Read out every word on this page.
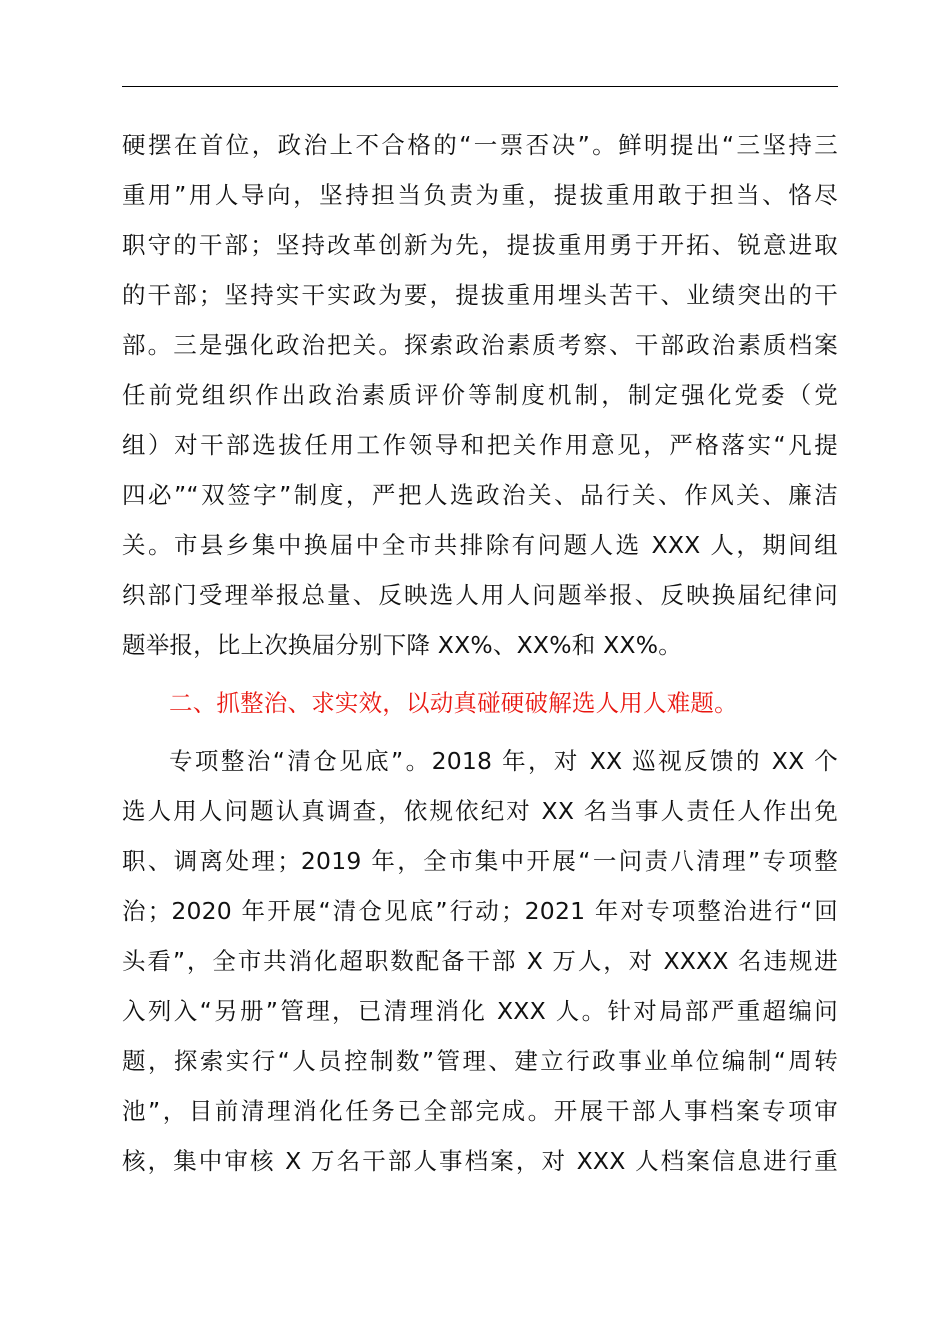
硬摆在首位，政治上不合格的“一票否决”。鲜明提出“三坚持三
重用”用人导向，坚持担当负责为重，提拔重用敢于担当、恪尽
职守的干部；坚持改革创新为先，提拔重用勇于开拓、锐意进取
的干部；坚持实干实政为要，提拔重用埋头苦干、业绩突出的干
部。三是强化政治把关。探索政治素质考察、干部政治素质档案
任前党组织作出政治素质评价等制度机制，制定强化党委（党
组）对干部选拔任用工作领导和把关作用意见，严格落实“凡提
四必”“双签字”制度，严把人选政治关、品行关、作风关、廉洁
关。市县乡集中换届中全市共排除有问题人选 XXX 人，期间组
织部门受理举报总量、反映选人用人问题举报、反映换届纪律问
题举报，比上次换届分别下降 XX%、XX%和 XX%。
二、抓整治、求实效，以动真碰硬破解选人用人难题。
专项整治“清仓见底”。2018 年，对 XX 巡视反馈的 XX 个
选人用人问题认真调查，依规依纪对 XX 名当事人责任人作出免
职、调离处理；2019 年，全市集中开展“一问责八清理”专项整
治；2020 年开展“清仓见底”行动；2021 年对专项整治进行“回
头看”，全市共消化超职数配备干部 X 万人，对 XXXX 名违规进
入列入“另册”管理，已清理消化 XXX 人。针对局部严重超编问
题，探索实行“人员控制数”管理、建立行政事业单位编制“周转
池”，目前清理消化任务已全部完成。开展干部人事档案专项审
核，集中审核 X 万名干部人事档案，对 XXX 人档案信息进行重
